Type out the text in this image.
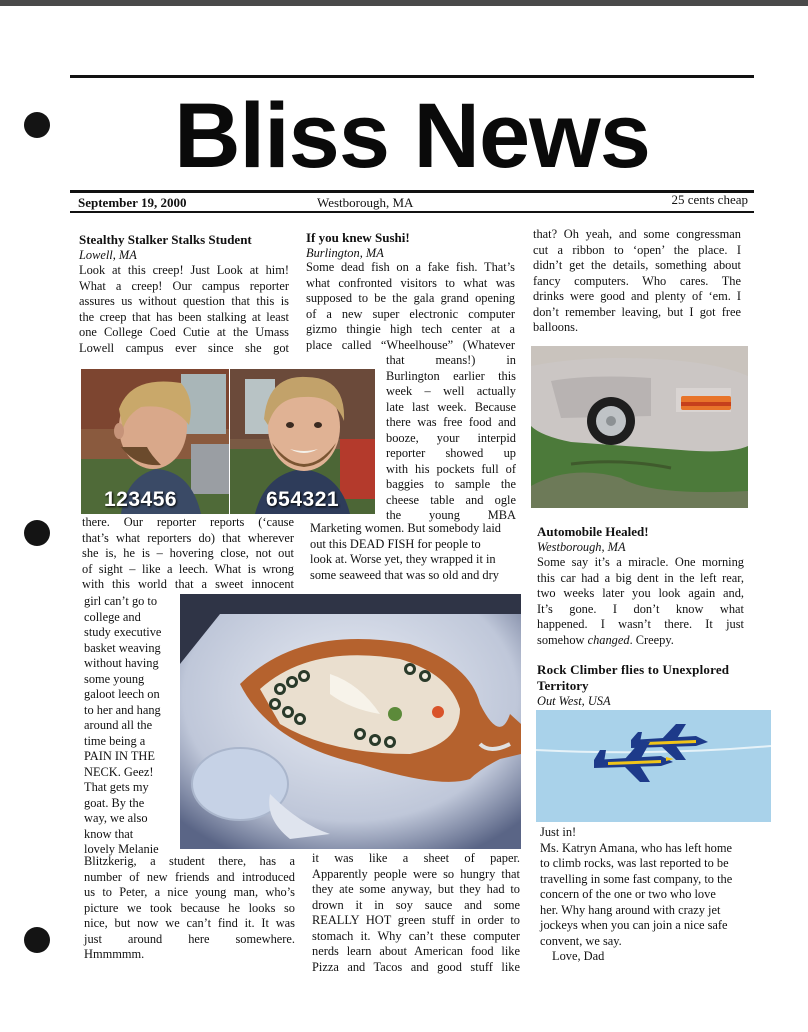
Bliss News
September 19, 2000	Westborough, MA	25 cents cheap
Stealthy Stalker Stalks Student
Lowell, MA
Look at this creep! Just Look at him!
What a creep! Our campus reporter
assures us without question that this is
the creep that has been stalking at least
one College Coed Cutie at the Umass
Lowell campus ever since she got
123456	654321
there. Our reporter reports (‘cause
that’s what reporters do) that wherever
she is, he is – hovering close, not out
of sight – like a leech. What is wrong
with this world that a sweet innocent
girl can’t go to
college and
study executive
basket weaving
without having
some young
galoot leech on
to her and hang
around all the
time being a
PAIN IN THE
NECK. Geez!
That gets my
goat. By the
way, we also
know that
lovely Melanie
Blitzkerig, a student there, has a
number of new friends and introduced
us to Peter, a nice young man, who’s
picture we took because he looks so
nice, but now we can’t find it. It was
just around here somewhere.
Hmmmmm.
If you knew Sushi!
Burlington, MA
Some dead fish on a fake fish. That’s
what confronted visitors to what was
supposed to be the gala grand opening
of a new super electronic computer
gizmo thingie high tech center at a
place called “Wheelhouse” (Whatever
that means!) in
Burlington earlier this
week – well actually
late last week. Because
there was free food and
booze, your interpid
reporter showed up
with his pockets full of
baggies to sample the
cheese table and ogle
the young MBA
Marketing women. But somebody laid
out this DEAD FISH for people to
look at. Worse yet, they wrapped it in
some seaweed that was so old and dry
it was like a sheet of paper.
Apparently people were so hungry that
they ate some anyway, but they had to
drown it in soy sauce and some
REALLY HOT green stuff in order to
stomach it. Why can’t these computer
nerds learn about American food like
Pizza and Tacos and good stuff like
that? Oh yeah, and some congressman
cut a ribbon to ‘open’ the place. I
didn’t get the details, something about
fancy computers. Who cares. The
drinks were good and plenty of ‘em. I
don’t remember leaving, but I got free
balloons.
Automobile Healed!
Westborough, MA
Some say it’s a miracle. One morning
this car had a big dent in the left rear,
two weeks later you look again and,
It’s gone. I don’t know what
happened. I wasn’t there. It just
somehow changed. Creepy.
Rock Climber flies to Unexplored
Territory
Out West, USA
Just in!
Ms. Katryn Amana, who has left home
to climb rocks, was last reported to be
travelling in some fast company, to the
concern of the one or two who love
her. Why hang around with crazy jet
jockeys when you can join a nice safe
convent, we say.
Love, Dad
